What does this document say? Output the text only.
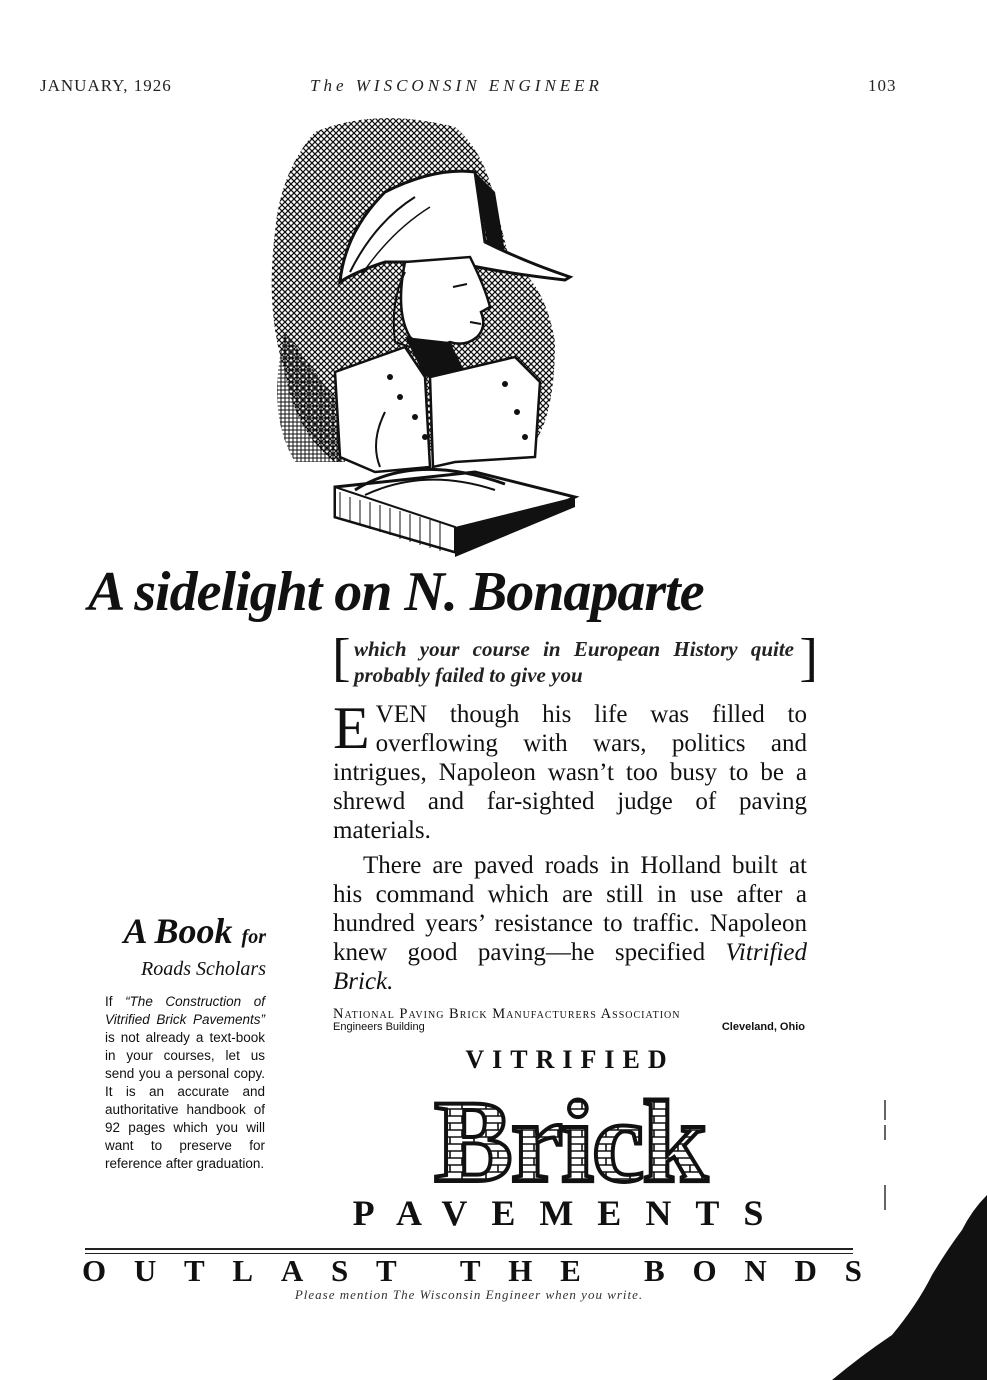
JANUARY, 1926	The WISCONSIN ENGINEER	103
A sidelight on N. Bonaparte
[ which your course in European History quite probably failed to give you	]

EVEN though his life was filled to overflowing with wars, politics and intrigues, Napoleon wasn’t too busy to be a shrewd and far-sighted judge of paving materials.

There are paved roads in Holland built at his command which are still in use after a hundred years’ resistance to traffic. Napoleon knew good paving—he specified Vitrified Brick.

National Paving Brick Manufacturers Association
Engineers Building	Cleveland, Ohio
VITRIFIED
Brick
PAVEMENTS
A Book for
Roads Scholars
If “The Construction of Vitrified Brick Pavements” is not already a text-book in your courses, let us send you a personal copy. It is an accurate and authoritative handbook of 92 pages which you will want to preserve for reference after graduation.
O U T L A S T
T H E
B O N D S
Please mention The Wisconsin Engineer when you write.
